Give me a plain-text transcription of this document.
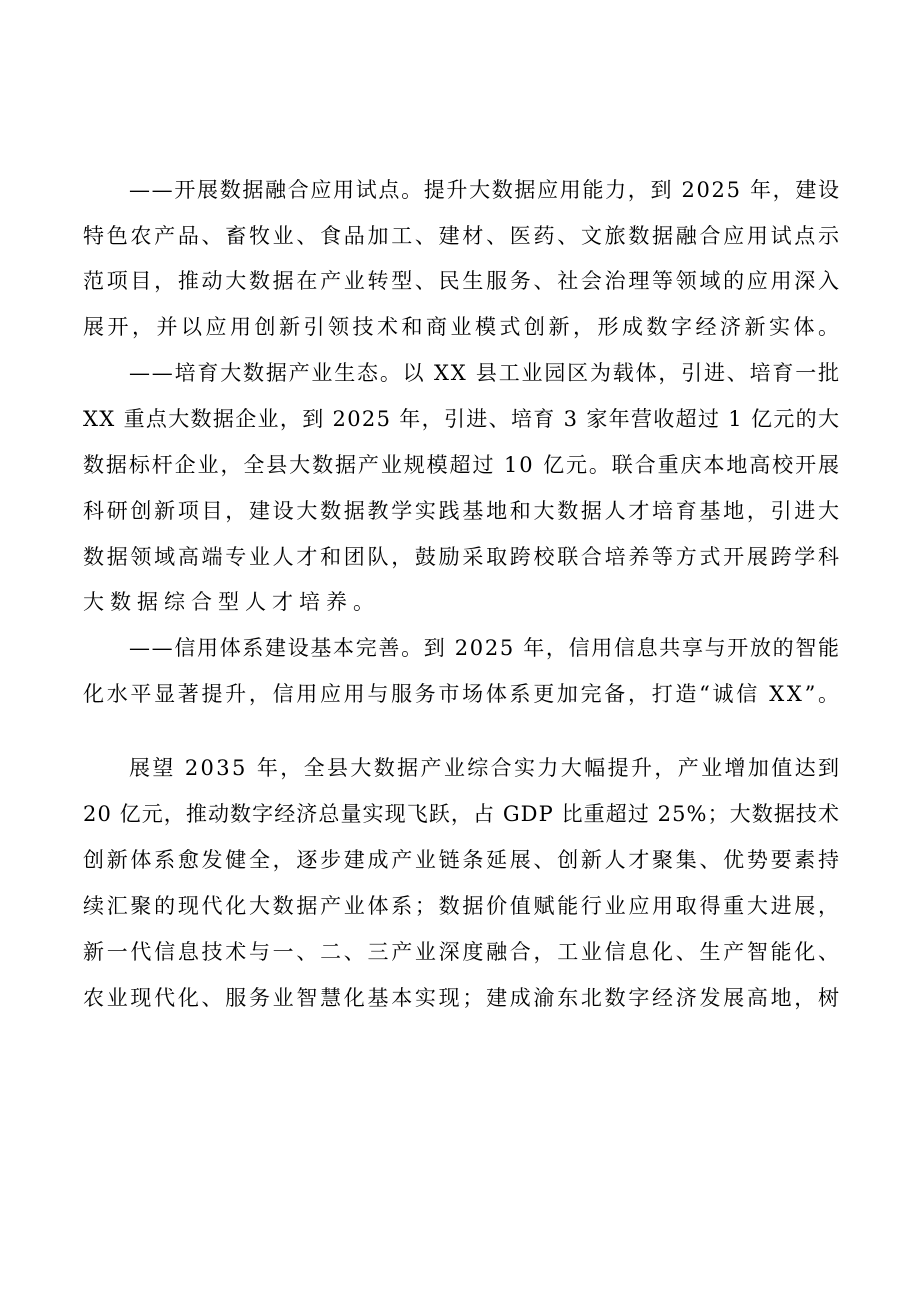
——开展数据融合应用试点。提升大数据应用能力，到 2025 年，建设
特色农产品、畜牧业、食品加工、建材、医药、文旅数据融合应用试点示
范项目，推动大数据在产业转型、民生服务、社会治理等领域的应用深入
展开，并以应用创新引领技术和商业模式创新，形成数字经济新实体。
——培育大数据产业生态。以 XX 县工业园区为载体，引进、培育一批
XX 重点大数据企业，到 2025 年，引进、培育 3 家年营收超过 1 亿元的大
数据标杆企业，全县大数据产业规模超过 10 亿元。联合重庆本地高校开展
科研创新项目，建设大数据教学实践基地和大数据人才培育基地，引进大
数据领域高端专业人才和团队，鼓励采取跨校联合培养等方式开展跨学科
大数据综合型人才培养。
——信用体系建设基本完善。到 2025 年，信用信息共享与开放的智能
化水平显著提升，信用应用与服务市场体系更加完备，打造“诚信 XX”。
展望 2035 年，全县大数据产业综合实力大幅提升，产业增加值达到
20 亿元，推动数字经济总量实现飞跃，占 GDP 比重超过 25%；大数据技术
创新体系愈发健全，逐步建成产业链条延展、创新人才聚集、优势要素持
续汇聚的现代化大数据产业体系；数据价值赋能行业应用取得重大进展，
新一代信息技术与一、二、三产业深度融合，工业信息化、生产智能化、
农业现代化、服务业智慧化基本实现；建成渝东北数字经济发展高地，树
